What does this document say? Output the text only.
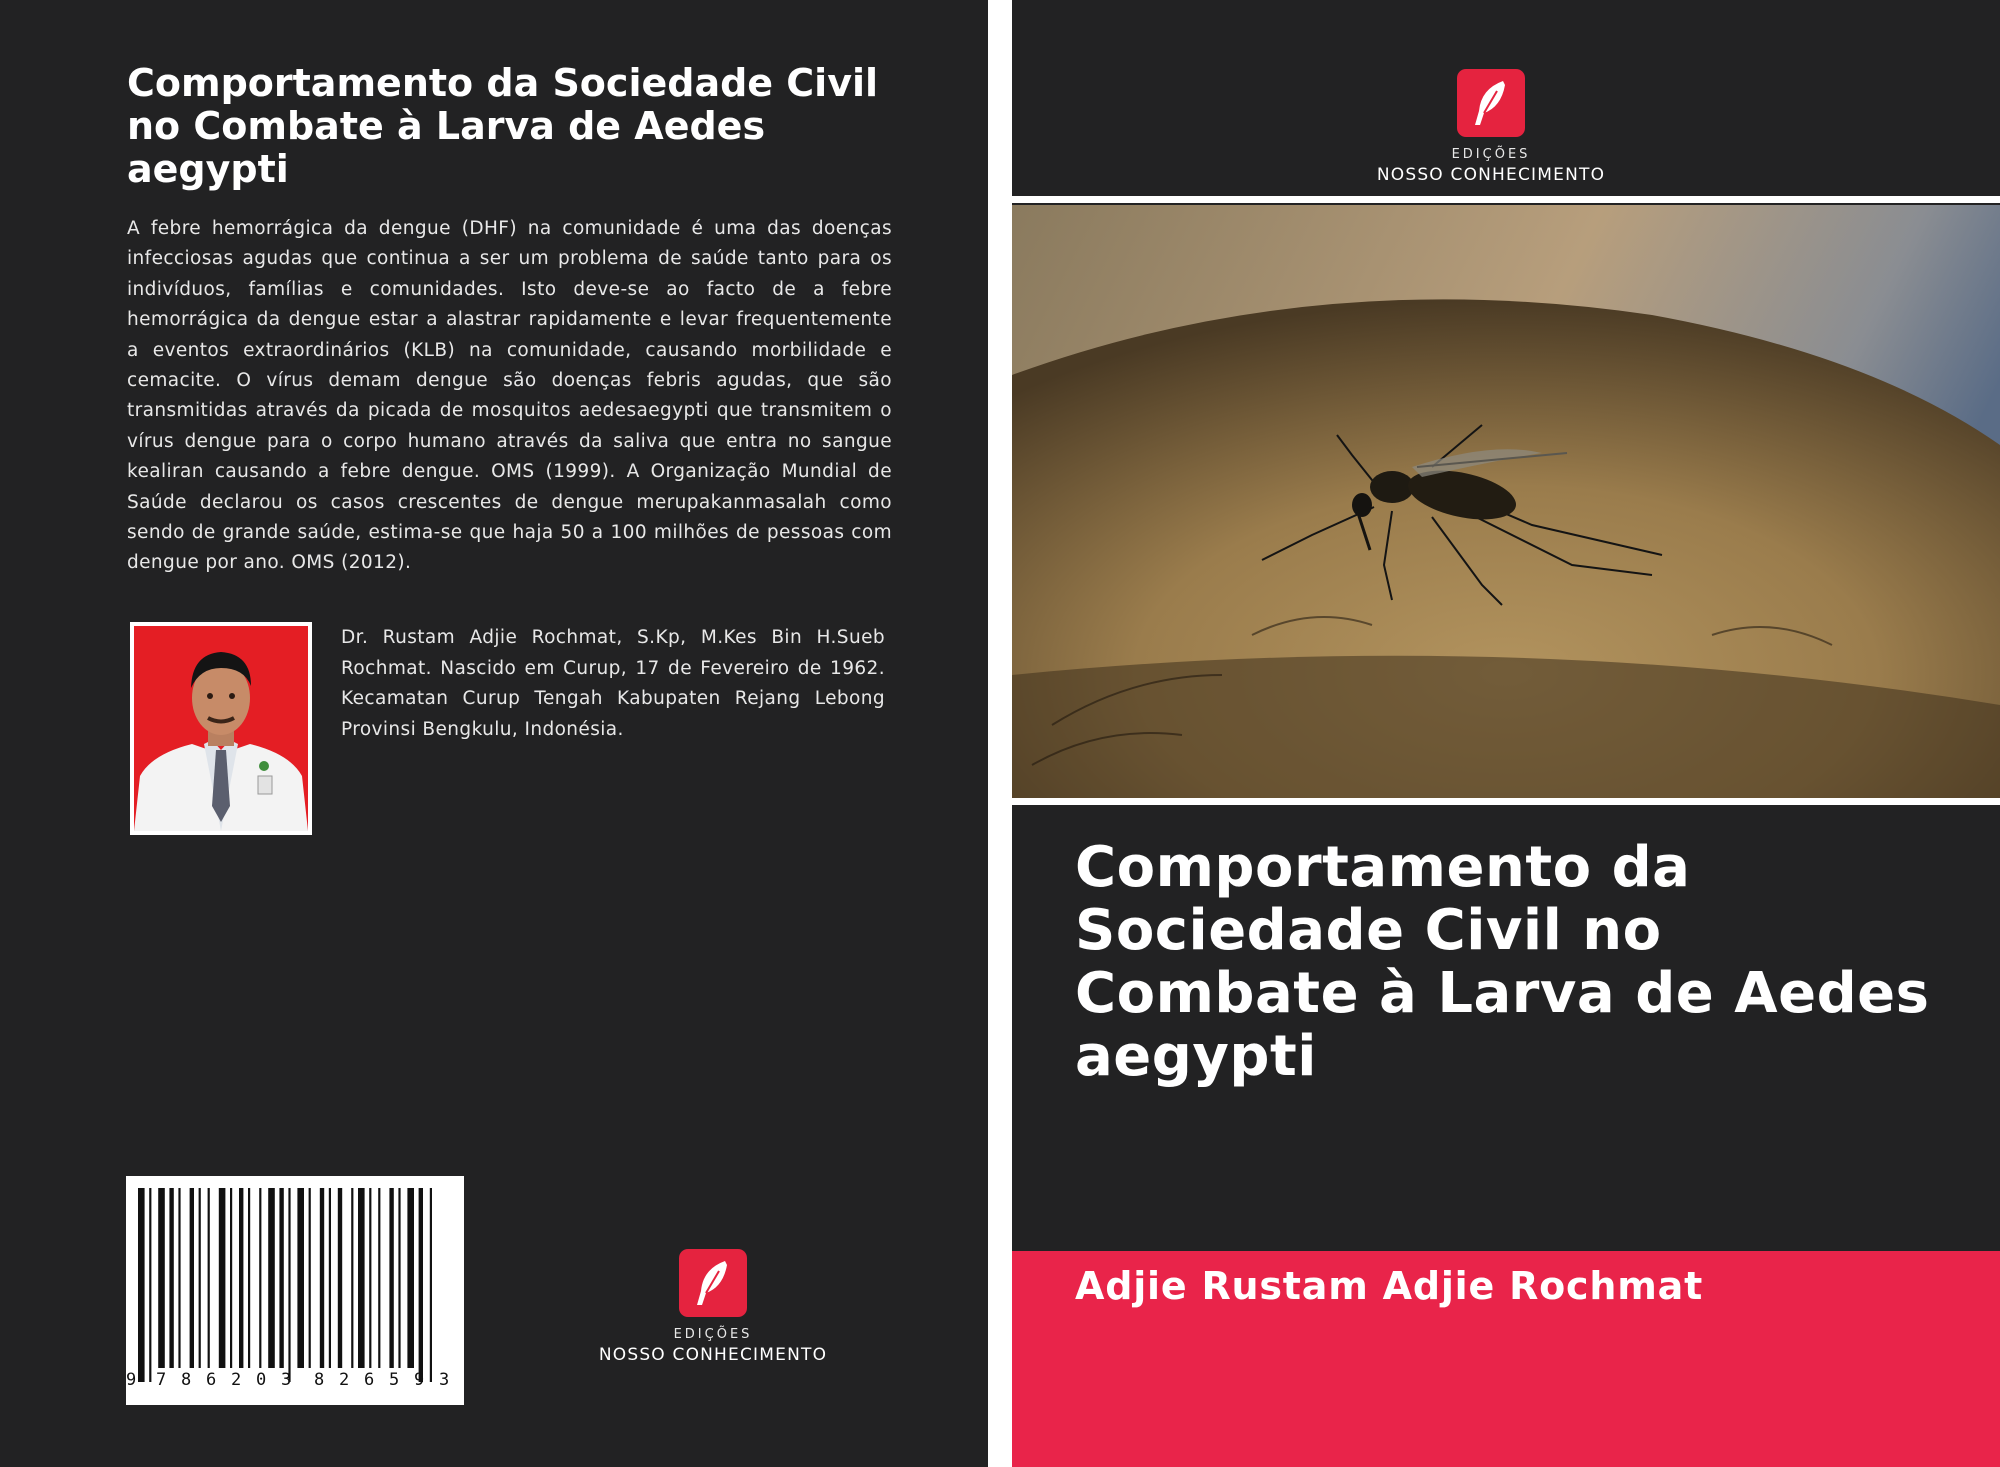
Comportamento da Sociedade Civil no Combate à Larva de Aedes aegypti

A febre hemorrágica da dengue (DHF) na comunidade é uma das doenças infecciosas agudas que continua a ser um problema de saúde tanto para os indivíduos, famílias e comunidades. Isto deve-se ao facto de a febre hemorrágica da dengue estar a alastrar rapidamente e levar frequentemente a eventos extraordinários (KLB) na comunidade, causando morbilidade e cemacite. O vírus demam dengue são doenças febris agudas, que são transmitidas através da picada de mosquitos aedesaegypti que transmitem o vírus dengue para o corpo humano através da saliva que entra no sangue kealiran causando a febre dengue. OMS (1999). A Organização Mundial de Saúde declarou os casos crescentes de dengue merupakanmasalah como sendo de grande saúde, estima-se que haja 50 a 100 milhões de pessoas com dengue por ano. OMS (2012).

Dr. Rustam Adjie Rochmat, S.Kp, M.Kes Bin H.Sueb Rochmat. Nascido em Curup, 17 de Fevereiro de 1962. Kecamatan Curup Tengah Kabupaten Rejang Lebong Provinsi Bengkulu, Indonésia.

9 7 8 6 2 0 3 8 2 6 5 9 3
EDIÇÕES
NOSSO CONHECIMENTO
EDIÇÕES
NOSSO CONHECIMENTO
Comportamento da Sociedade Civil no Combate à Larva de Aedes aegypti
Adjie Rustam Adjie Rochmat
